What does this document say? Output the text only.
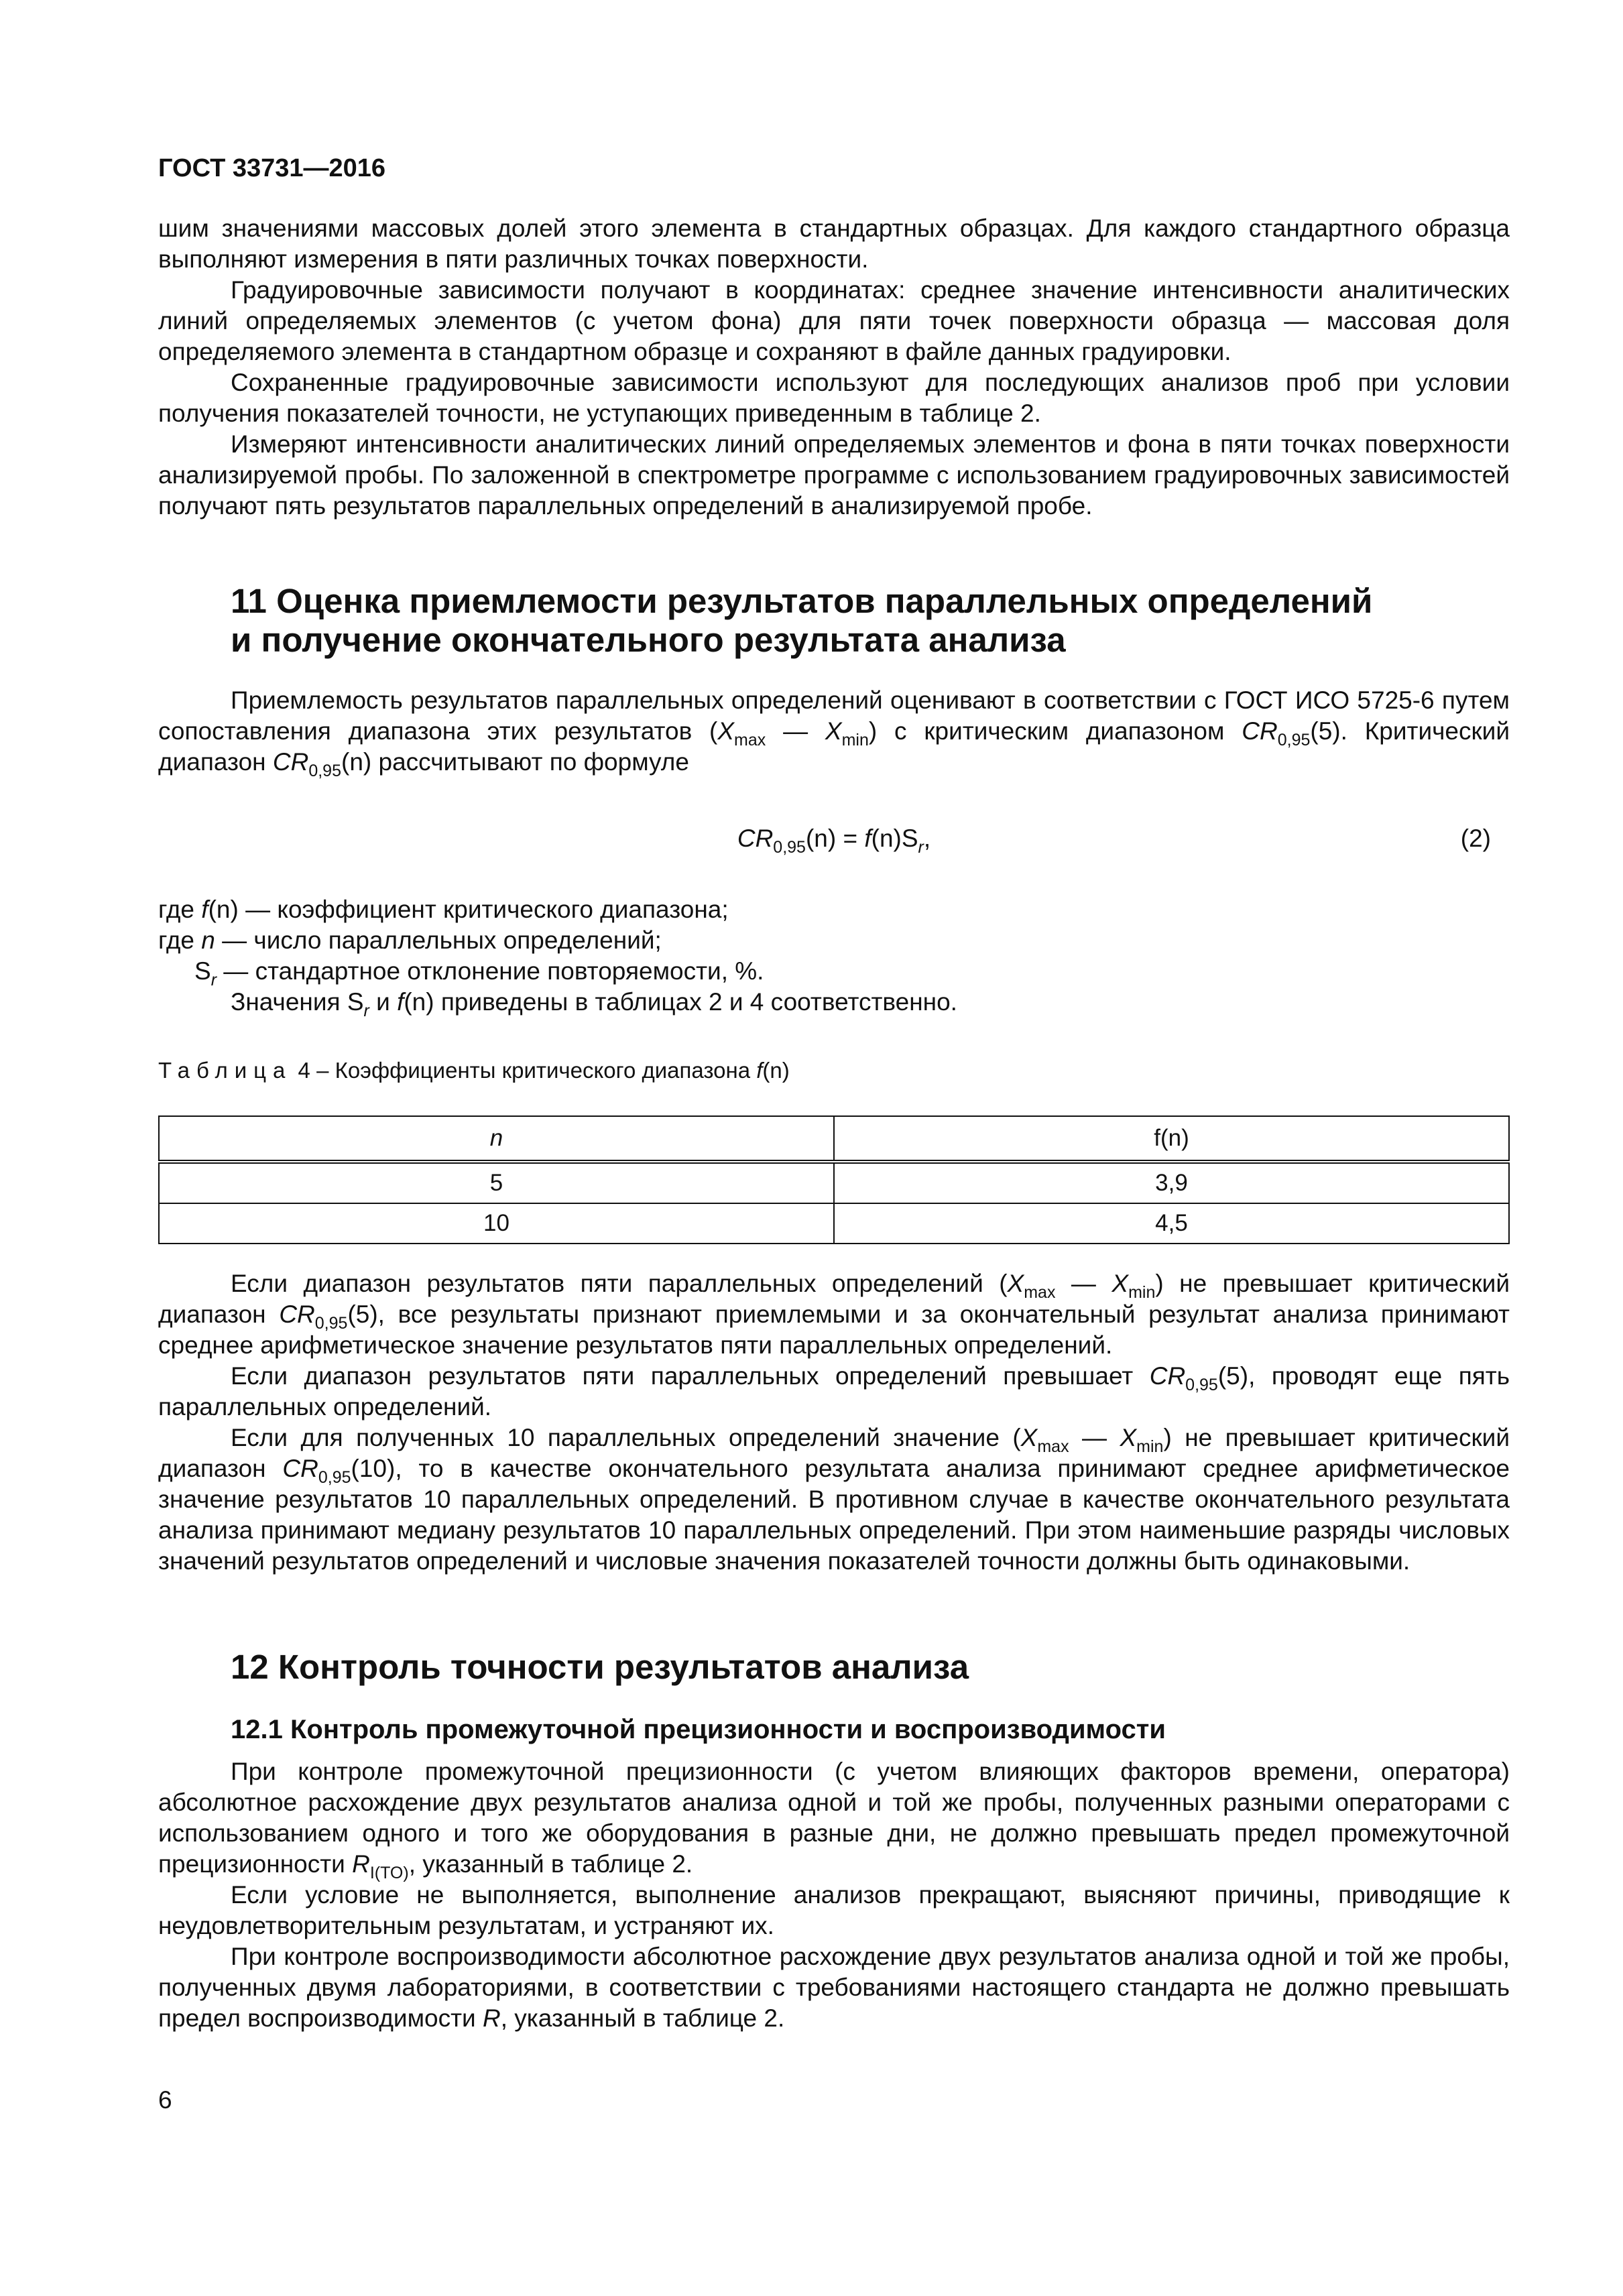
ГОСТ 33731—2016

шим значениями массовых долей этого элемента в стандартных образцах. Для каждого стандартного образца выполняют измерения в пяти различных точках поверхности.

Градуировочные зависимости получают в координатах: среднее значение интенсивности аналитических линий определяемых элементов (с учетом фона) для пяти точек поверхности образца — массовая доля определяемого элемента в стандартном образце и сохраняют в файле данных градуировки.

Сохраненные градуировочные зависимости используют для последующих анализов проб при условии получения показателей точности, не уступающих приведенным в таблице 2.

Измеряют интенсивности аналитических линий определяемых элементов и фона в пяти точках поверхности анализируемой пробы. По заложенной в спектрометре программе с использованием градуировочных зависимостей получают пять результатов параллельных определений в анализируемой пробе.

11 Оценка приемлемости результатов параллельных определений
и получение окончательного результата анализа

Приемлемость результатов параллельных определений оценивают в соответствии с ГОСТ ИСО 5725-6 путем сопоставления диапазона этих результатов ($X_{max}$ — $X_{min}$) с критическим диапазоном $CR_{0,95}(5)$. Критический диапазон $CR_{0,95}(n)$ рассчитывают по формуле

$CR_{0,95}(n) = f(n)S_r$,	(2)

где f(n) — коэффициент критического диапазона;

где n — число параллельных определений;

$S_r$ — стандартное отклонение повторяемости, %.

Значения $S_r$ и f(n) приведены в таблицах 2 и 4 соответственно.

Таблица 4 – Коэффициенты критического диапазона f(n)
n	f(n)
5	3,9
10	4,5

Если диапазон результатов пяти параллельных определений ($X_{max}$ — $X_{min}$) не превышает критический диапазон $CR_{0,95}(5)$, все результаты признают приемлемыми и за окончательный результат анализа принимают среднее арифметическое значение результатов пяти параллельных определений.

Если диапазон результатов пяти параллельных определений превышает $CR_{0,95}(5)$, проводят еще пять параллельных определений.

Если для полученных 10 параллельных определений значение ($X_{max}$ — $X_{min}$) не превышает критический диапазон $CR_{0,95}(10)$, то в качестве окончательного результата анализа принимают среднее арифметическое значение результатов 10 параллельных определений. В противном случае в качестве окончательного результата анализа принимают медиану результатов 10 параллельных определений. При этом наименьшие разряды числовых значений результатов определений и числовые значения показателей точности должны быть одинаковыми.

12 Контроль точности результатов анализа
12.1 Контроль промежуточной прецизионности и воспроизводимости

При контроле промежуточной прецизионности (с учетом влияющих факторов времени, оператора) абсолютное расхождение двух результатов анализа одной и той же пробы, полученных разными операторами с использованием одного и того же оборудования в разные дни, не должно превышать предел промежуточной прецизионности $R_{I(TO)}$, указанный в таблице 2.

Если условие не выполняется, выполнение анализов прекращают, выясняют причины, приводящие к неудовлетворительным результатам, и устраняют их.

При контроле воспроизводимости абсолютное расхождение двух результатов анализа одной и той же пробы, полученных двумя лабораториями, в соответствии с требованиями настоящего стандарта не должно превышать предел воспроизводимости R, указанный в таблице 2.

6
